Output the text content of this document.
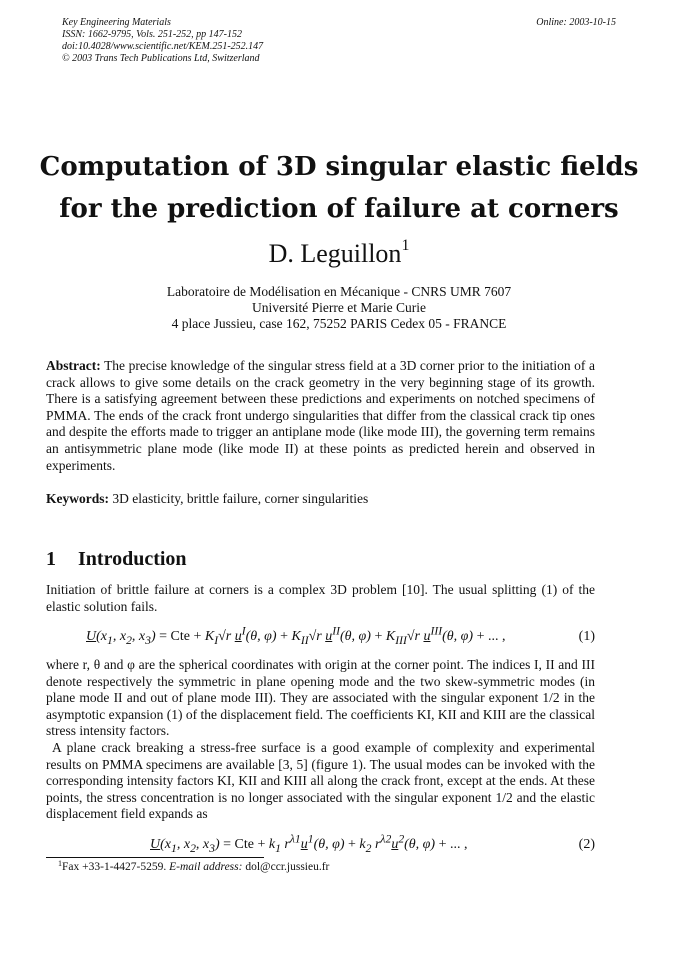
Key Engineering Materials
ISSN: 1662-9795, Vols. 251-252, pp 147-152
doi:10.4028/www.scientific.net/KEM.251-252.147
© 2003 Trans Tech Publications Ltd, Switzerland
Online: 2003-10-15
Computation of 3D singular elastic fields
for the prediction of failure at corners
D. Leguillon$^1$
Laboratoire de Modélisation en Mécanique - CNRS UMR 7607
Université Pierre et Marie Curie
4 place Jussieu, case 162, 75252 PARIS Cedex 05 - FRANCE
Abstract: The precise knowledge of the singular stress field at a 3D corner prior to the initiation of a crack allows to give some details on the crack geometry in the very beginning stage of its growth. There is a satisfying agreement between these predictions and experiments on notched specimens of PMMA. The ends of the crack front undergo singularities that differ from the classical crack tip ones and despite the efforts made to trigger an antiplane mode (like mode III), the governing term remains an antisymmetric plane mode (like mode II) at these points as predicted herein and observed in experiments.
Keywords: 3D elasticity, brittle failure, corner singularities
1 Introduction
Initiation of brittle failure at corners is a complex 3D problem [10]. The usual splitting (1) of the elastic solution fails.
$U(x_1$, $x_2$, $x_3$) = Cte + $K_I√r$ $u^I(\theta$, $\varphi) + K_{II}√r$ $u^{II}(\theta$, $\varphi) + K_{III}√r$ $u^{III}(\theta$, φ) + ... ,	(1)
where r, θ and φ are the spherical coordinates with origin at the corner point. The indices I, II and III denote respectively the symmetric in plane opening mode and the two skew-symmetric modes (in plane mode II and out of plane mode III). They are associated with the singular exponent 1/2 in the asymptotic expansion (1) of the displacement field. The coefficients KI, KII and KIII are the classical stress intensity factors.
A plane crack breaking a stress-free surface is a good example of complexity and experimental results on PMMA specimens are available [3, 5] (figure 1). The usual modes can be invoked with the corresponding intensity factors KI, KII and KIII all along the crack front, except at the ends. At these points, the stress concentration is no longer associated with the singular exponent 1/2 and the elastic displacement field expands as
$U(x_1$, $x_2$, $x_3$) = Cte + $k_1$ $r^{\lambda 1}u^1(\theta$, $\varphi) + k_2$ $r^{\lambda 2}u^2(\theta$, φ) + ... ,	(2)
$^1$Fax +33-1-4427-5259. E-mail address: dol@ccr.jussieu.fr
